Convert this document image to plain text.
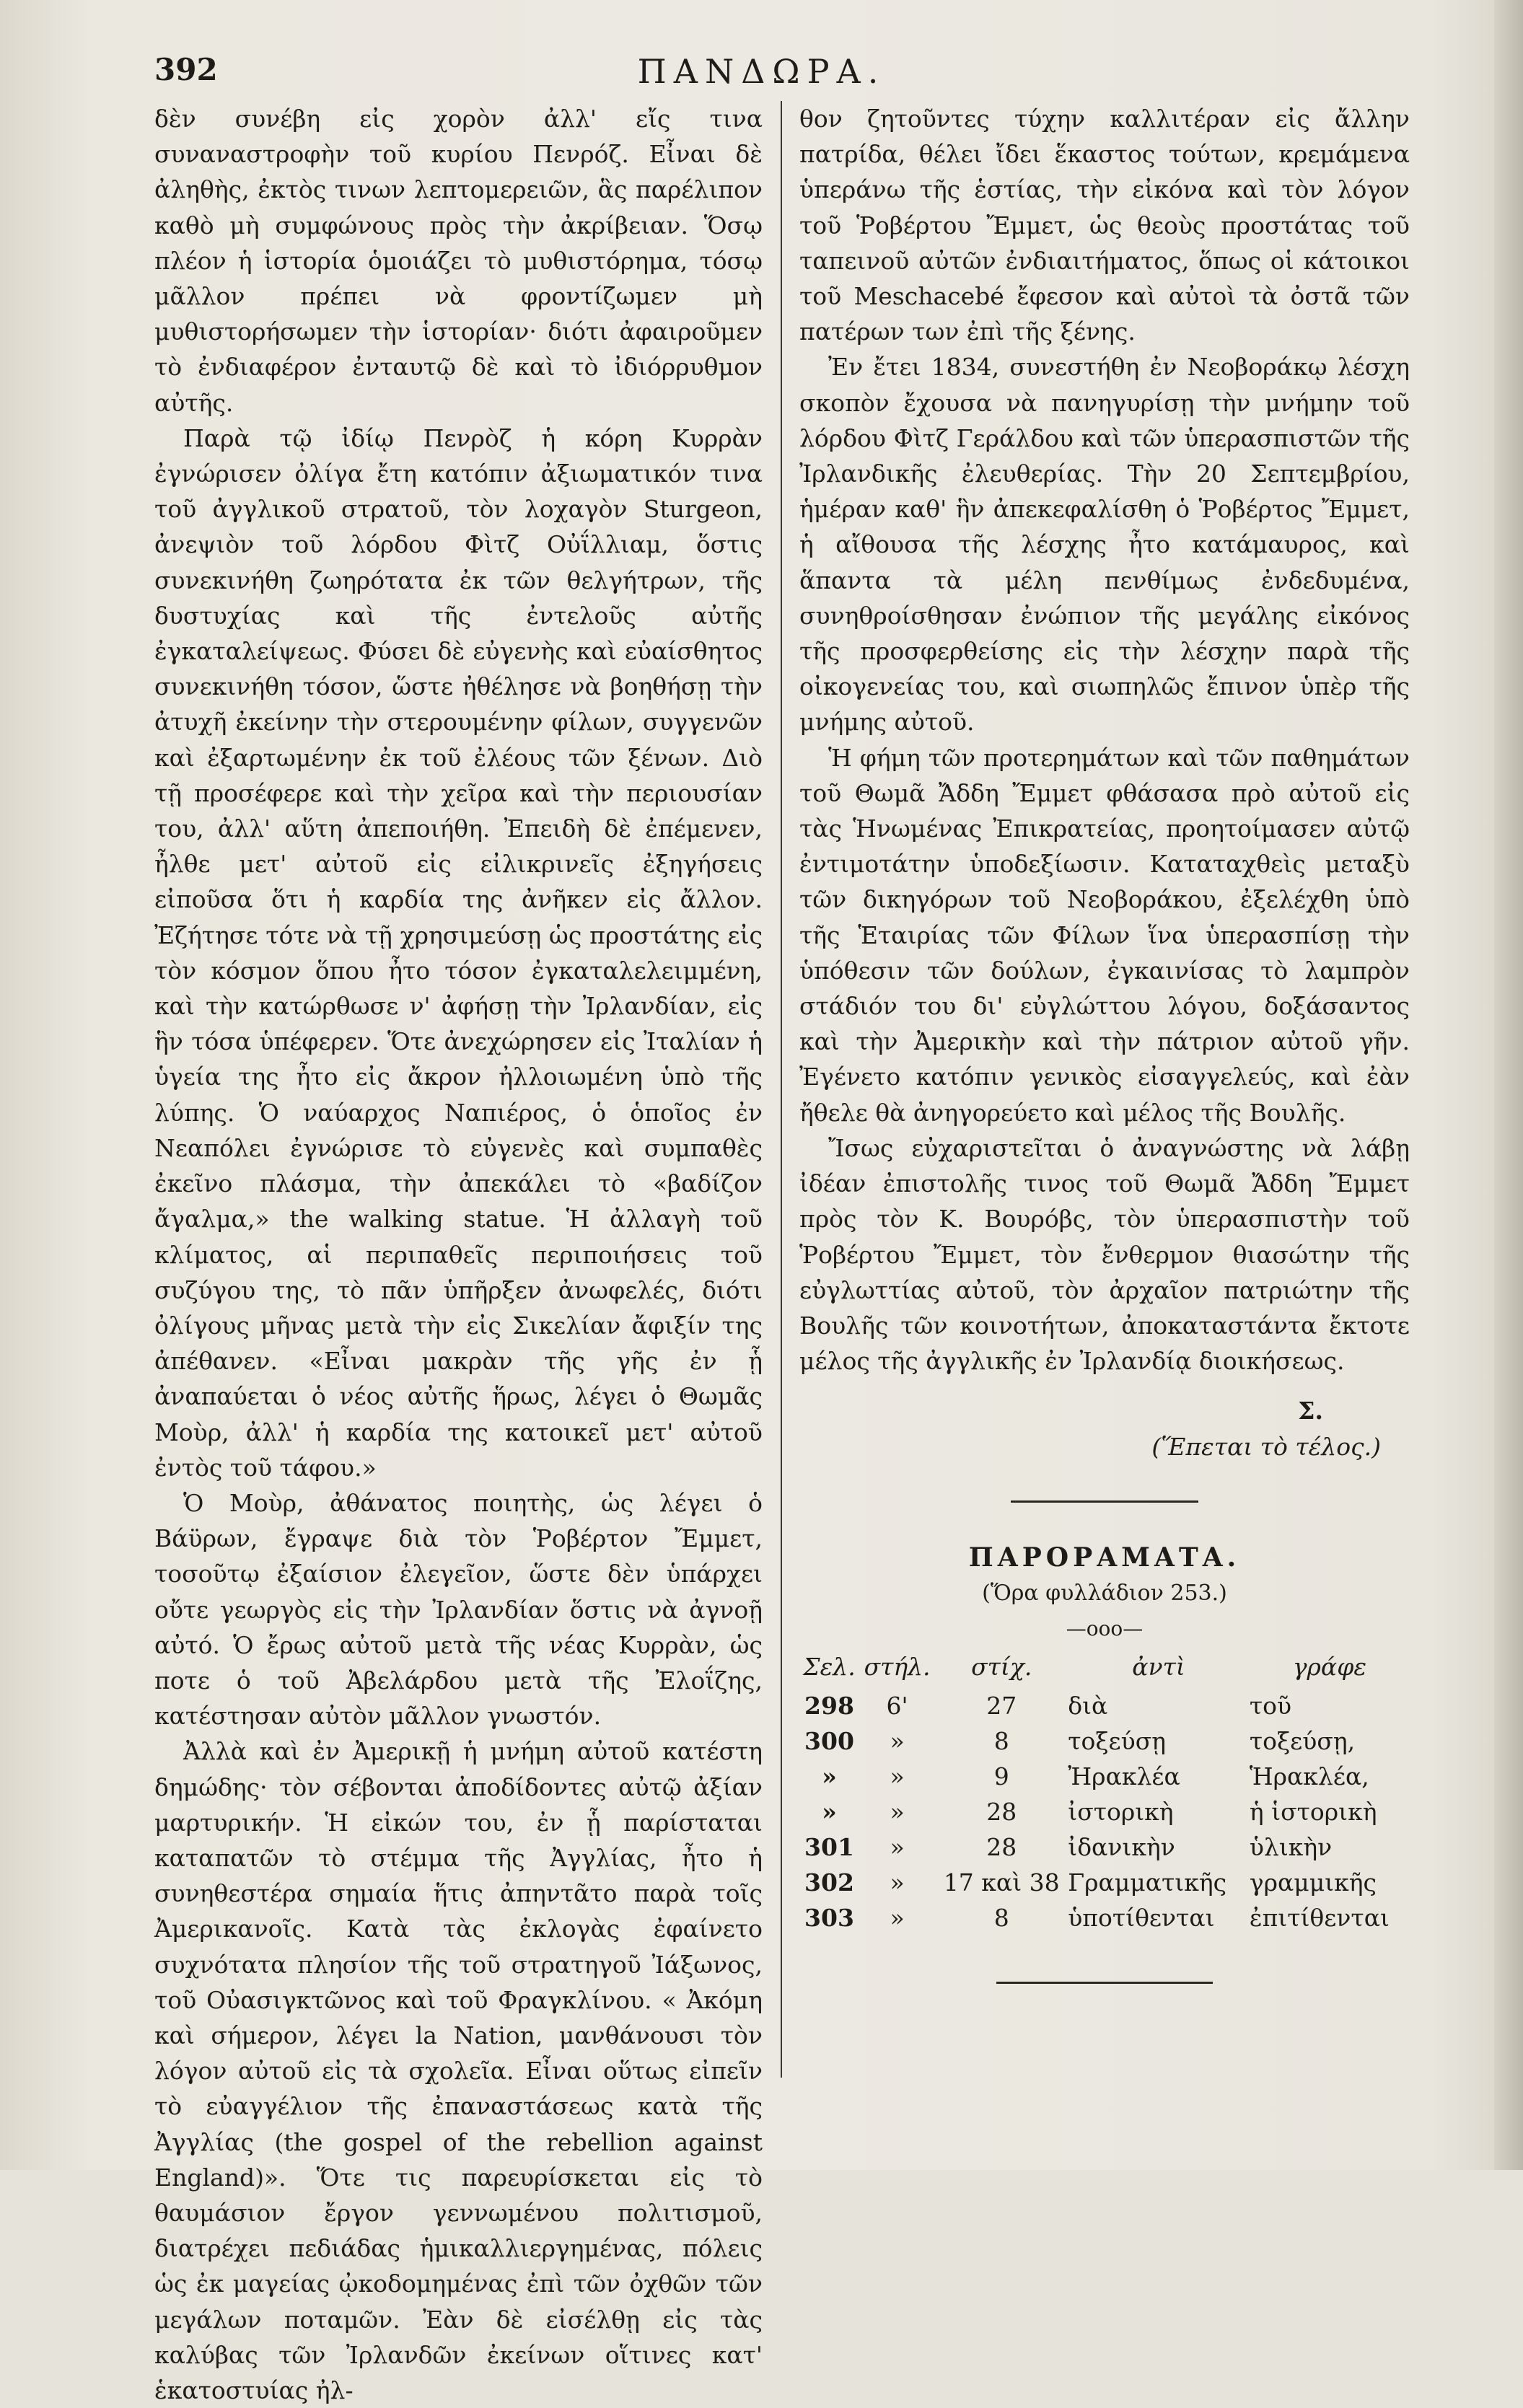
392	ΠΑΝΔΩΡΑ.

δὲν συνέβη εἰς χορὸν ἀλλ' εἴς τινα συναναστροφὴν τοῦ κυρίου Πενρόζ. Εἶναι δὲ ἀληθὴς, ἐκτὸς τινων λεπτομερειῶν, ἃς παρέλιπον καθὸ μὴ συμφώνους πρὸς τὴν ἀκρίβειαν. Ὅσῳ πλέον ἡ ἱστορία ὁμοιάζει τὸ μυθιστόρημα, τόσῳ μᾶλλον πρέπει νὰ φροντίζωμεν μὴ μυθιστορήσωμεν τὴν ἱστορίαν· διότι ἀφαιροῦμεν τὸ ἐνδιαφέρον ἐνταυτῷ δὲ καὶ τὸ ἰδιόρρυθμον αὐτῆς.

Παρὰ τῷ ἰδίῳ Πενρὸζ ἡ κόρη Κυρρὰν ἐγνώρισεν ὀλίγα ἔτη κατόπιν ἀξιωματικόν τινα τοῦ ἀγγλικοῦ στρατοῦ, τὸν λοχαγὸν Sturgeon, ἀνεψιὸν τοῦ λόρδου Φὶτζ Οὐΐλλιαμ, ὅστις συνεκινήθη ζωηρότατα ἐκ τῶν θελγήτρων, τῆς δυστυχίας καὶ τῆς ἐντελοῦς αὐτῆς ἐγκαταλείψεως. Φύσει δὲ εὐγενὴς καὶ εὐαίσθητος συνεκινήθη τόσον, ὥστε ἠθέλησε νὰ βοηθήσῃ τὴν ἀτυχῆ ἐκείνην τὴν στερουμένην φίλων, συγγενῶν καὶ ἐξαρτωμένην ἐκ τοῦ ἐλέους τῶν ξένων. Διὸ τῇ προσέφερε καὶ τὴν χεῖρα καὶ τὴν περιουσίαν του, ἀλλ' αὕτη ἀπεποιήθη. Ἐπειδὴ δὲ ἐπέμενεν, ἦλθε μετ' αὐτοῦ εἰς εἰλικρινεῖς ἐξηγήσεις εἰποῦσα ὅτι ἡ καρδία της ἀνῆκεν εἰς ἄλλον. Ἐζήτησε τότε νὰ τῇ χρησιμεύσῃ ὡς προστάτης εἰς τὸν κόσμον ὅπου ἦτο τόσον ἐγκαταλελειμμένη, καὶ τὴν κατώρθωσε ν' ἀφήσῃ τὴν Ἰρλανδίαν, εἰς ἣν τόσα ὑπέφερεν. Ὅτε ἀνεχώρησεν εἰς Ἰταλίαν ἡ ὑγεία της ἦτο εἰς ἄκρον ἠλλοιωμένη ὑπὸ τῆς λύπης. Ὁ ναύαρχος Ναπιέρος, ὁ ὁποῖος ἐν Νεαπόλει ἐγνώρισε τὸ εὐγενὲς καὶ συμπαθὲς ἐκεῖνο πλάσμα, τὴν ἀπεκάλει τὸ «βαδίζον ἄγαλμα,» the walking statue. Ἡ ἀλλαγὴ τοῦ κλίματος, αἱ περιπαθεῖς περιποιήσεις τοῦ συζύγου της, τὸ πᾶν ὑπῆρξεν ἀνωφελές, διότι ὀλίγους μῆνας μετὰ τὴν εἰς Σικελίαν ἄφιξίν της ἀπέθανεν. «Εἶναι μακρὰν τῆς γῆς ἐν ᾗ ἀναπαύεται ὁ νέος αὐτῆς ἥρως, λέγει ὁ Θωμᾶς Μοὺρ, ἀλλ' ἡ καρδία της κατοικεῖ μετ' αὐτοῦ ἐντὸς τοῦ τάφου.»

Ὁ Μοὺρ, ἀθάνατος ποιητὴς, ὡς λέγει ὁ Βάϋρων, ἔγραψε διὰ τὸν Ῥοβέρτον Ἔμμετ, τοσοῦτῳ ἐξαίσιον ἐλεγεῖον, ὥστε δὲν ὑπάρχει οὔτε γεωργὸς εἰς τὴν Ἰρλανδίαν ὅστις νὰ ἀγνοῇ αὐτό. Ὁ ἔρως αὐτοῦ μετὰ τῆς νέας Κυρρὰν, ὡς ποτε ὁ τοῦ Ἀβελάρδου μετὰ τῆς Ἐλοΐζης, κατέστησαν αὐτὸν μᾶλλον γνωστόν.

Ἀλλὰ καὶ ἐν Ἀμερικῇ ἡ μνήμη αὐτοῦ κατέστη δημώδης· τὸν σέβονται ἀποδίδοντες αὐτῷ ἀξίαν μαρτυρικήν. Ἡ εἰκών του, ἐν ᾗ παρίσταται καταπατῶν τὸ στέμμα τῆς Ἀγγλίας, ἦτο ἡ συνηθεστέρα σημαία ἥτις ἀπηντᾶτο παρὰ τοῖς Ἀμερικανοῖς. Κατὰ τὰς ἐκλογὰς ἐφαίνετο συχνότατα πλησίον τῆς τοῦ στρατηγοῦ Ἰάξωνος, τοῦ Οὐασιγκτῶνος καὶ τοῦ Φραγκλίνου. « Ἀκόμη καὶ σήμερον, λέγει la Nation, μανθάνουσι τὸν λόγον αὐτοῦ εἰς τὰ σχολεῖα. Εἶναι οὕτως εἰπεῖν τὸ εὐαγγέλιον τῆς ἐπαναστάσεως κατὰ τῆς Ἀγγλίας (the gospel of the rebellion against England)». Ὅτε τις παρευρίσκεται εἰς τὸ θαυμάσιον ἔργον γεννωμένου πολιτισμοῦ, διατρέχει πεδιάδας ἡμικαλλιεργημένας, πόλεις ὡς ἐκ μαγείας ᾠκοδομημένας ἐπὶ τῶν ὀχθῶν τῶν μεγάλων ποταμῶν. Ἐὰν δὲ εἰσέλθῃ εἰς τὰς καλύβας τῶν Ἰρλανδῶν ἐκείνων οἵτινες κατ' ἑκατοστυίας ἠλ-

θον ζητοῦντες τύχην καλλιτέραν εἰς ἄλλην πατρίδα, θέλει ἴδει ἕκαστος τούτων, κρεμάμενα ὑπεράνω τῆς ἑστίας, τὴν εἰκόνα καὶ τὸν λόγον τοῦ Ῥοβέρτου Ἔμμετ, ὡς θεοὺς προστάτας τοῦ ταπεινοῦ αὐτῶν ἐνδιαιτήματος, ὅπως οἱ κάτοικοι τοῦ Meschacebé ἔφεσον καὶ αὐτοὶ τὰ ὀστᾶ τῶν πατέρων των ἐπὶ τῆς ξένης.

Ἐν ἔτει 1834, συνεστήθη ἐν Νεοβοράκῳ λέσχη σκοπὸν ἔχουσα νὰ πανηγυρίσῃ τὴν μνήμην τοῦ λόρδου Φὶτζ Γεράλδου καὶ τῶν ὑπερασπιστῶν τῆς Ἰρλανδικῆς ἐλευθερίας. Τὴν 20 Σεπτεμβρίου, ἡμέραν καθ' ἣν ἀπεκεφαλίσθη ὁ Ῥοβέρτος Ἔμμετ, ἡ αἴθουσα τῆς λέσχης ἦτο κατάμαυρος, καὶ ἅπαντα τὰ μέλη πενθίμως ἐνδεδυμένα, συνηθροίσθησαν ἐνώπιον τῆς μεγάλης εἰκόνος τῆς προσφερθείσης εἰς τὴν λέσχην παρὰ τῆς οἰκογενείας του, καὶ σιωπηλῶς ἔπινον ὑπὲρ τῆς μνήμης αὐτοῦ.

Ἡ φήμη τῶν προτερημάτων καὶ τῶν παθημάτων τοῦ Θωμᾶ Ἄδδη Ἔμμετ φθάσασα πρὸ αὐτοῦ εἰς τὰς Ἡνωμένας Ἐπικρατείας, προητοίμασεν αὐτῷ ἐντιμοτάτην ὑποδεξίωσιν. Καταταχθεὶς μεταξὺ τῶν δικηγόρων τοῦ Νεοβοράκου, ἐξελέχθη ὑπὸ τῆς Ἑταιρίας τῶν Φίλων ἵνα ὑπερασπίσῃ τὴν ὑπόθεσιν τῶν δούλων, ἐγκαινίσας τὸ λαμπρὸν στάδιόν του δι' εὐγλώττου λόγου, δοξάσαντος καὶ τὴν Ἀμερικὴν καὶ τὴν πάτριον αὐτοῦ γῆν. Ἐγένετο κατόπιν γενικὸς εἰσαγγελεύς, καὶ ἐὰν ἤθελε θὰ ἀνηγορεύετο καὶ μέλος τῆς Βουλῆς.

Ἴσως εὐχαριστεῖται ὁ ἀναγνώστης νὰ λάβῃ ἰδέαν ἐπιστολῆς τινος τοῦ Θωμᾶ Ἄδδη Ἔμμετ πρὸς τὸν Κ. Βουρόβς, τὸν ὑπερασπιστὴν τοῦ Ῥοβέρτου Ἔμμετ, τὸν ἔνθερμον θιασώτην τῆς εὐγλωττίας αὐτοῦ, τὸν ἀρχαῖον πατριώτην τῆς Βουλῆς τῶν κοινοτήτων, ἀποκαταστάντα ἔκτοτε μέλος τῆς ἀγγλικῆς ἐν Ἰρλανδίᾳ διοικήσεως.

Σ.
(Ἕπεται τὸ τέλος.)
ΠΑΡΟΡΑΜΑΤΑ.
(Ὅρα φυλλάδιον 253.)
—ooo—
Σελ.	στήλ.	στίχ.	ἀντὶ	γράφε
298	6'	27	διὰ	τοῦ
300	»	8	τοξεύσῃ	τοξεύσῃ,
»	»	9	Ἠρακλέα	Ἡρακλέα,
»	»	28	ἰστορικὴ	ἡ ἱστορικὴ
301	»	28	ἰδανικὴν	ὑλικὴν
302	»	17 καὶ 38	Γραμματικῆς	γραμμικῆς
303	»	8	ὑποτίθενται	ἐπιτίθενται
